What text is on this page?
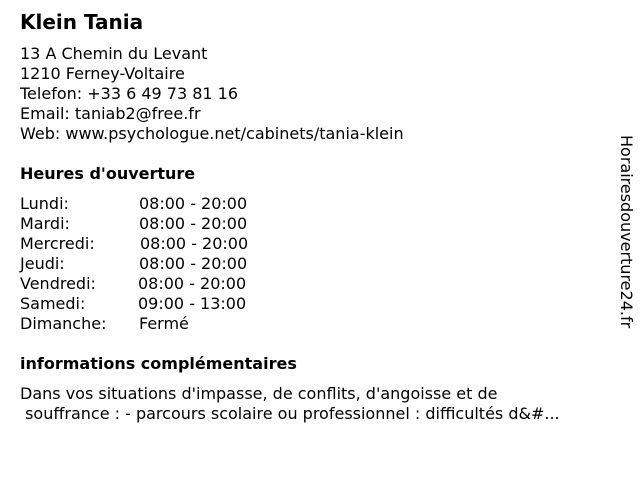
Klein Tania
13 A Chemin du Levant
1210 Ferney-Voltaire
Telefon: +33 6 49 73 81 16
Email: taniab2@free.fr
Web: www.psychologue.net/cabinets/tania-klein
Heures d'ouverture
Lundi:	08:00 - 20:00
Mardi:	08:00 - 20:00
Mercredi:	08:00 - 20:00
Jeudi:	08:00 - 20:00
Vendredi:	08:00 - 20:00
Samedi:	09:00 - 13:00
Dimanche: Fermé
informations complémentaires
Dans vos situations d'impasse, de conflits, d'angoisse et de
souffrance : - parcours scolaire ou professionnel : difficultés d&#...
Horairesdouverture24.fr
